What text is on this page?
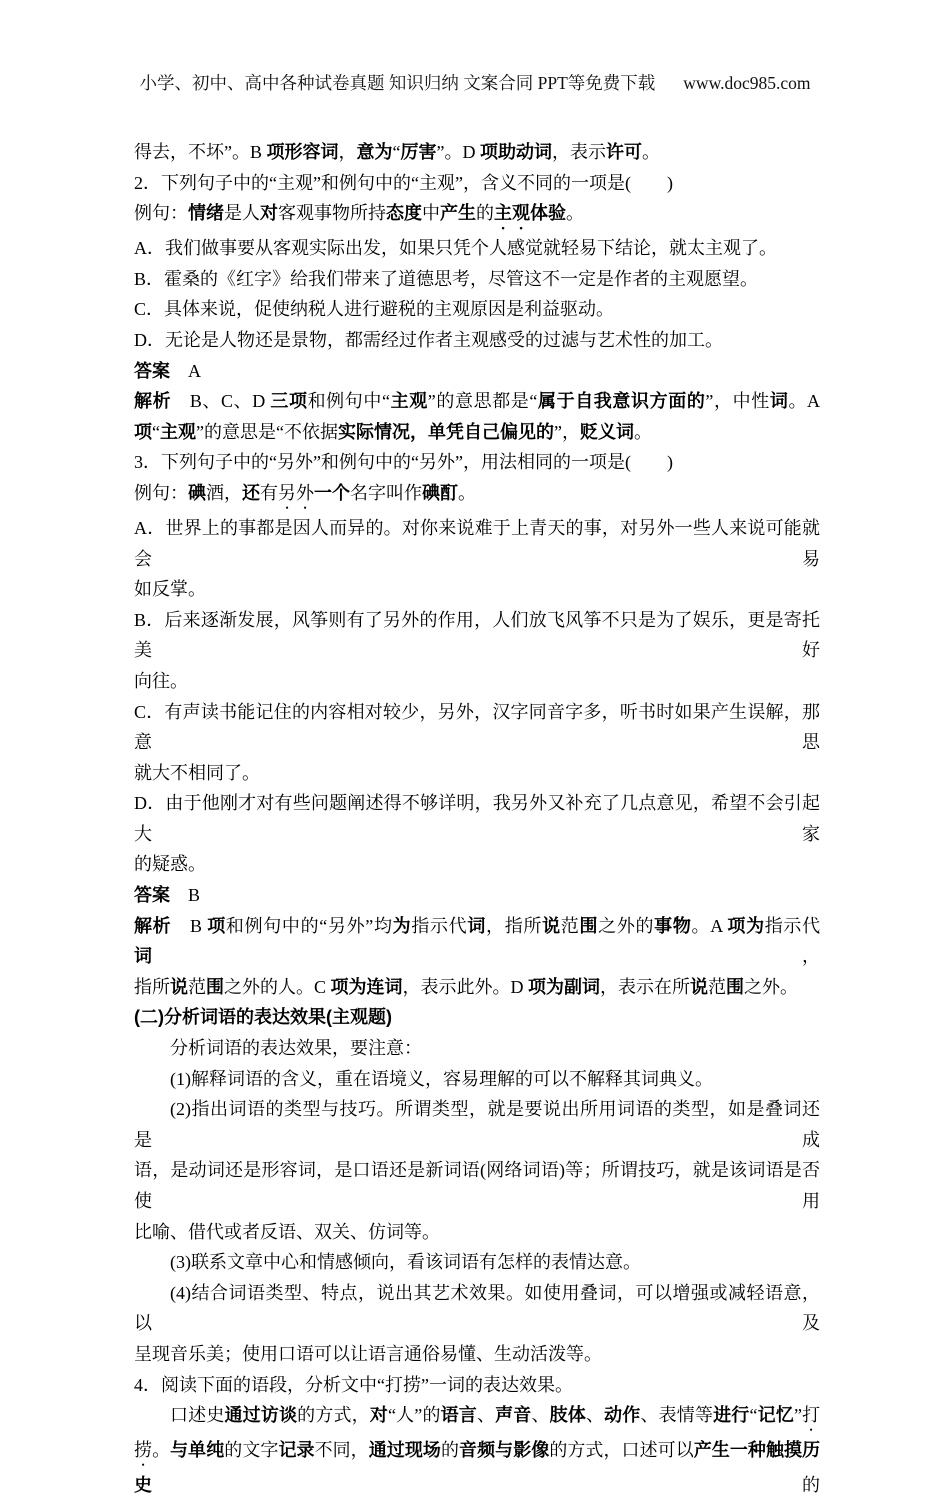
小学、初中、高中各种试卷真题 知识归纳 文案合同 PPT等免费下载 www.doc985.com
得去，不坏”。B 项形容词，意为“厉害”。D 项助动词，表示许可。
2．下列句子中的“主观”和例句中的“主观”，含义不同的一项是(　　)
例句：情绪是人对客观事物所持态度中产生的主观体验。
A．我们做事要从客观实际出发，如果只凭个人感觉就轻易下结论，就太主观了。
B．霍桑的《红字》给我们带来了道德思考，尽管这不一定是作者的主观愿望。
C．具体来说，促使纳税人进行避税的主观原因是利益驱动。
D．无论是人物还是景物，都需经过作者主观感受的过滤与艺术性的加工。
答案　A
解析　B、C、D 三项和例句中“主观”的意思都是“属于自我意识方面的”，中性词。A
项“主观”的意思是“不依据实际情况，单凭自己偏见的”，贬义词。
3．下列句子中的“另外”和例句中的“另外”，用法相同的一项是(　　)
例句：碘酒，还有另外一个名字叫作碘酊。
A．世界上的事都是因人而异的。对你来说难于上青天的事，对另外一些人来说可能就会易
如反掌。
B．后来逐渐发展，风筝则有了另外的作用，人们放飞风筝不只是为了娱乐，更是寄托美好
向往。
C．有声读书能记住的内容相对较少，另外，汉字同音字多，听书时如果产生误解，那意思
就大不相同了。
D．由于他刚才对有些问题阐述得不够详明，我另外又补充了几点意见，希望不会引起大家
的疑惑。
答案　B
解析　B 项和例句中的“另外”均为指示代词，指所说范围之外的事物。A 项为指示代词，
指所说范围之外的人。C 项为连词，表示此外。D 项为副词，表示在所说范围之外。
(二)分析词语的表达效果(主观题)
分析词语的表达效果，要注意：
(1)解释词语的含义，重在语境义，容易理解的可以不解释其词典义。
(2)指出词语的类型与技巧。所谓类型，就是要说出所用词语的类型，如是叠词还是成
语，是动词还是形容词，是口语还是新词语(网络词语)等；所谓技巧，就是该词语是否使用
比喻、借代或者反语、双关、仿词等。
(3)联系文章中心和情感倾向，看该词语有怎样的表情达意。
(4)结合词语类型、特点，说出其艺术效果。如使用叠词，可以增强或减轻语意，以及
呈现音乐美；使用口语可以让语言通俗易懂、生动活泼等。
4．阅读下面的语段，分析文中“打捞”一词的表达效果。
口述史通过访谈的方式，对“人”的语言、声音、肢体、动作、表情等进行“记忆”打
捞。与单纯的文字记录不同，通过现场的音频与影像的方式，口述可以产生一种触摸历史的
